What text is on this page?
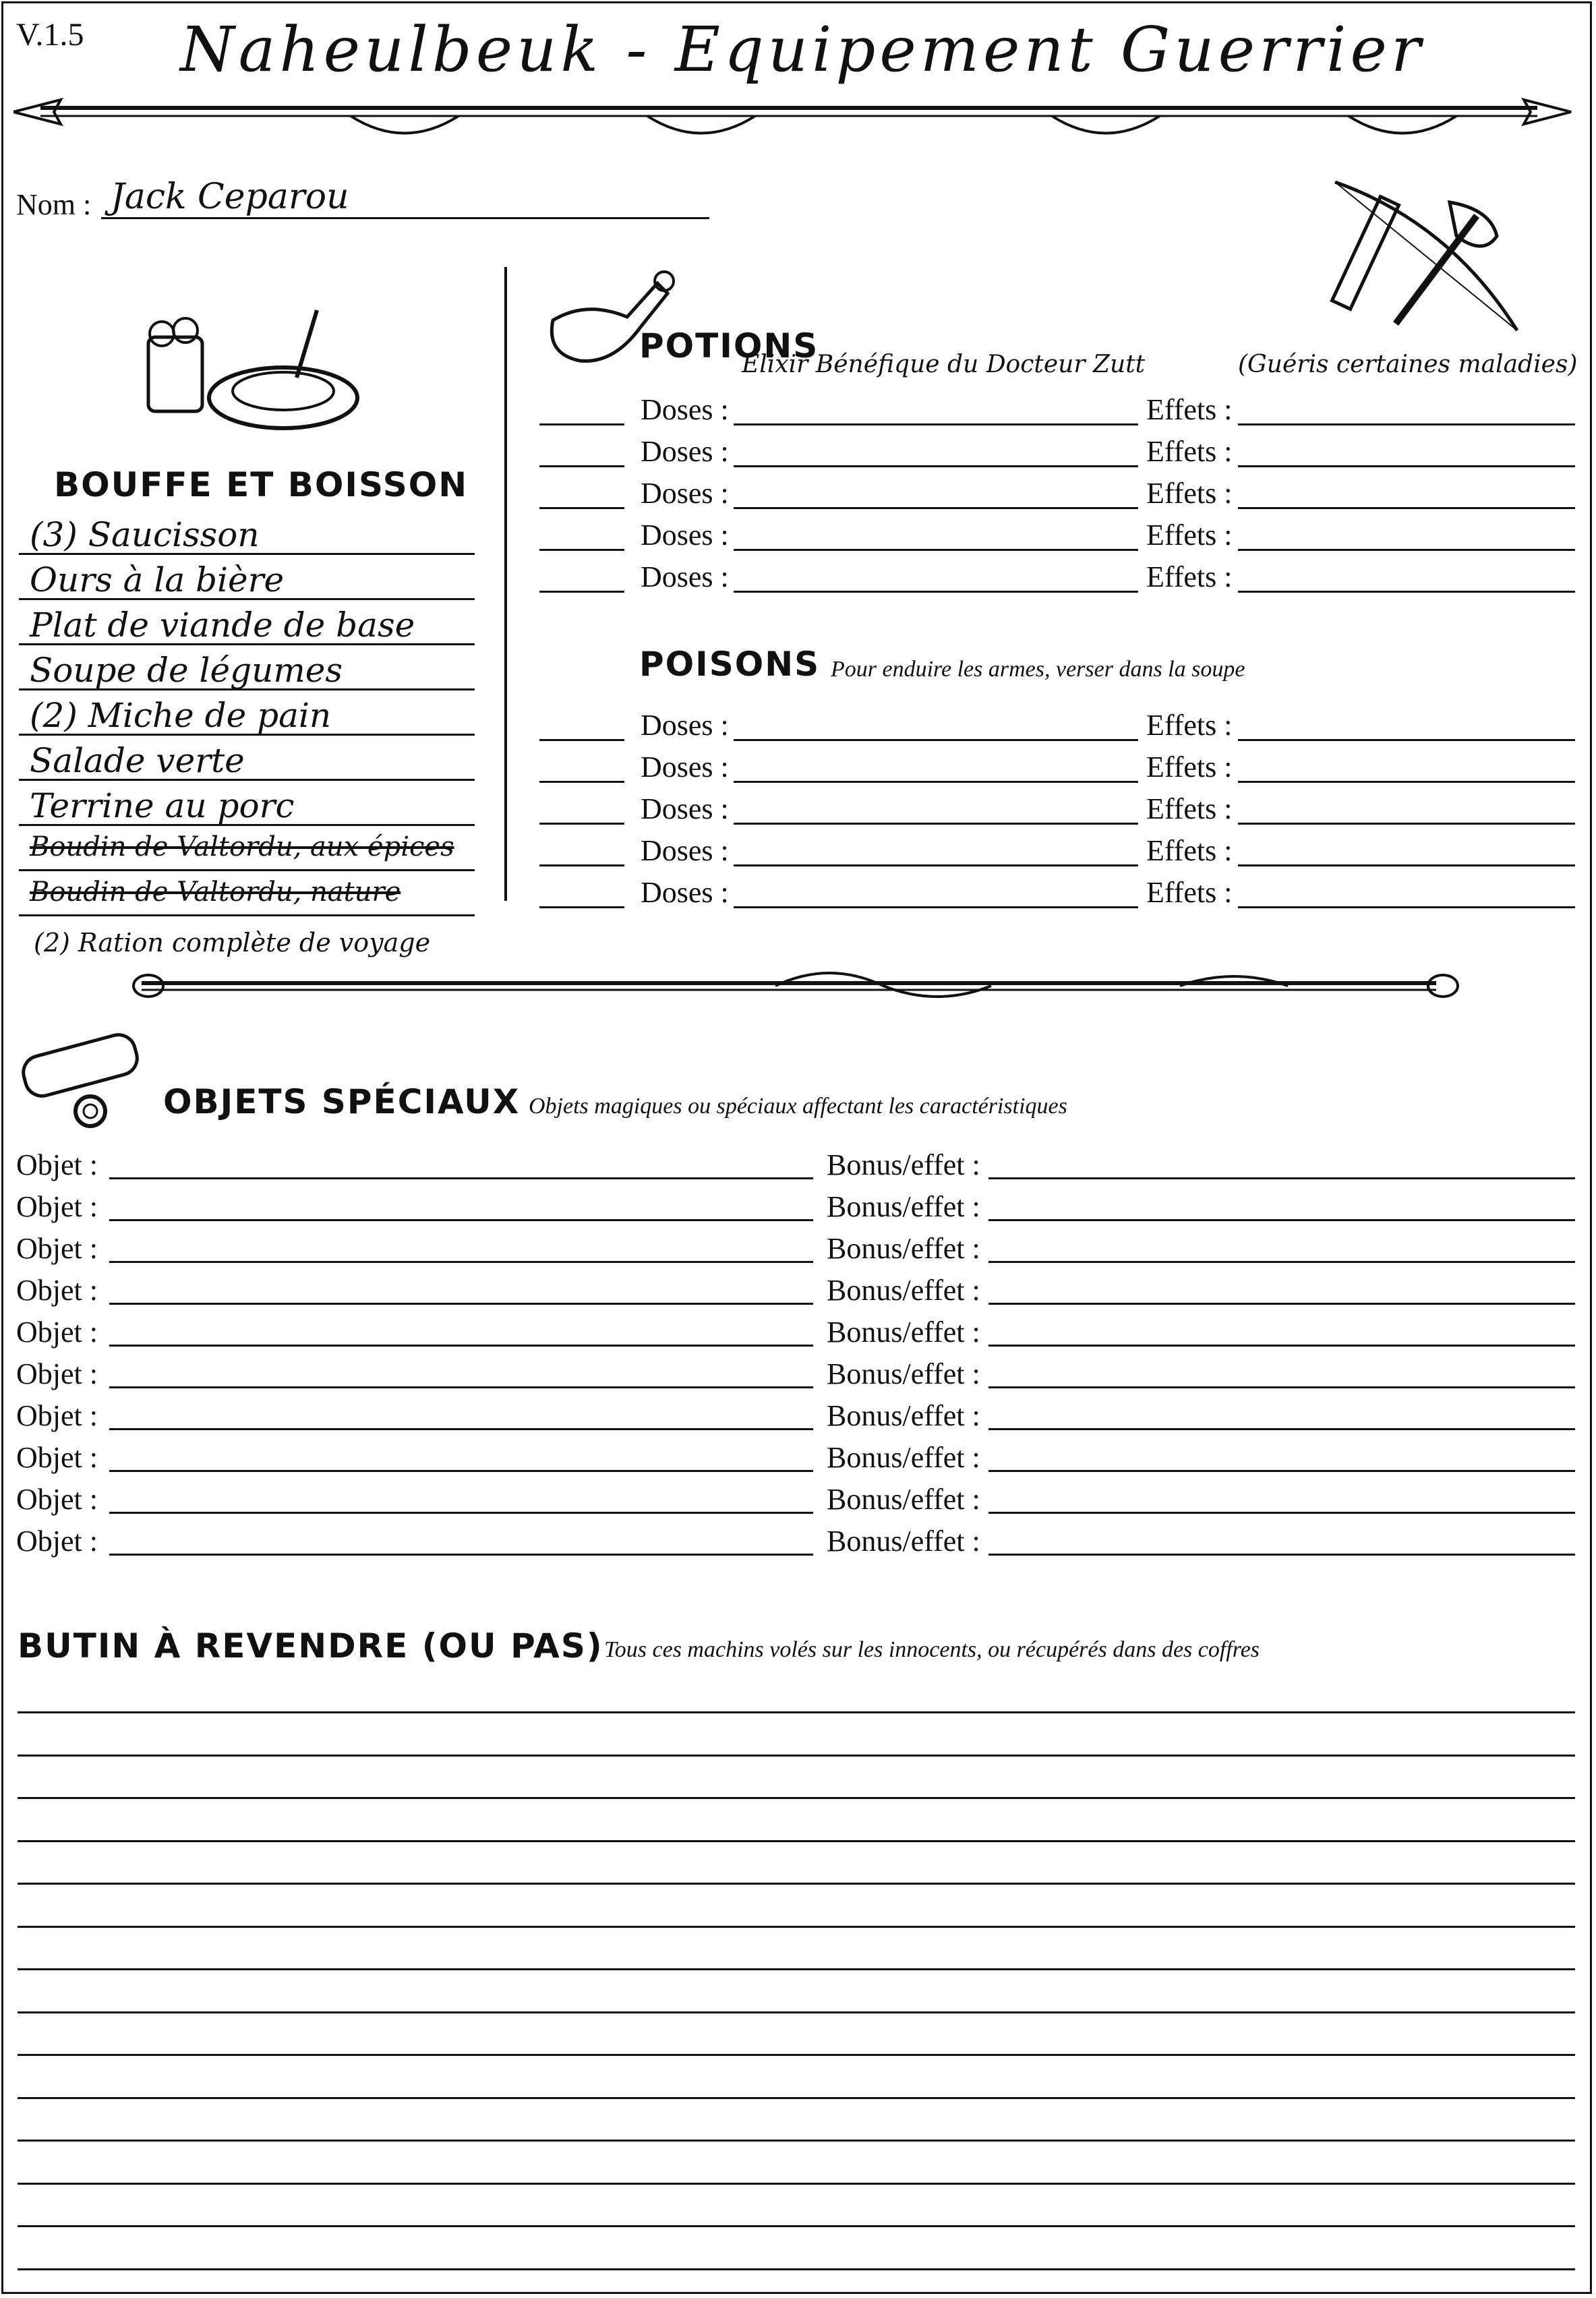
V.1.5 Naheulbeuk - Equipement Guerrier
Nom : Jack Ceparou
BOUFFE ET BOISSON
(2) Ration complète de voyage
POTIONS
Elixir Bénéfique du Docteur Zutt	(Guéris certaines maladies)
POISONS Pour enduire les armes, verser dans la soupe
OBJETS SPÉCIAUX Objets magiques ou spéciaux affectant les caractéristiques
BUTIN À REVENDRE (OU PAS) Tous ces machins volés sur les innocents, ou récupérés dans des coffres
(3) Saucisson
Ours à la bière
Plat de viande de base
Soupe de légumes
(2) Miche de pain
Salade verte
Terrine au porc
Boudin de Valtordu, aux épices
Boudin de Valtordu, nature
Doses :	Effets :
Doses :	Effets :
Doses :	Effets :
Doses :	Effets :
Doses :	Effets :
Doses :	Effets :
Doses :	Effets :
Doses :	Effets :
Doses :	Effets :
Doses :	Effets :
Objet :	Bonus/effet :
Objet :	Bonus/effet :
Objet :	Bonus/effet :
Objet :	Bonus/effet :
Objet :	Bonus/effet :
Objet :	Bonus/effet :
Objet :	Bonus/effet :
Objet :	Bonus/effet :
Objet :	Bonus/effet :
Objet :	Bonus/effet :
